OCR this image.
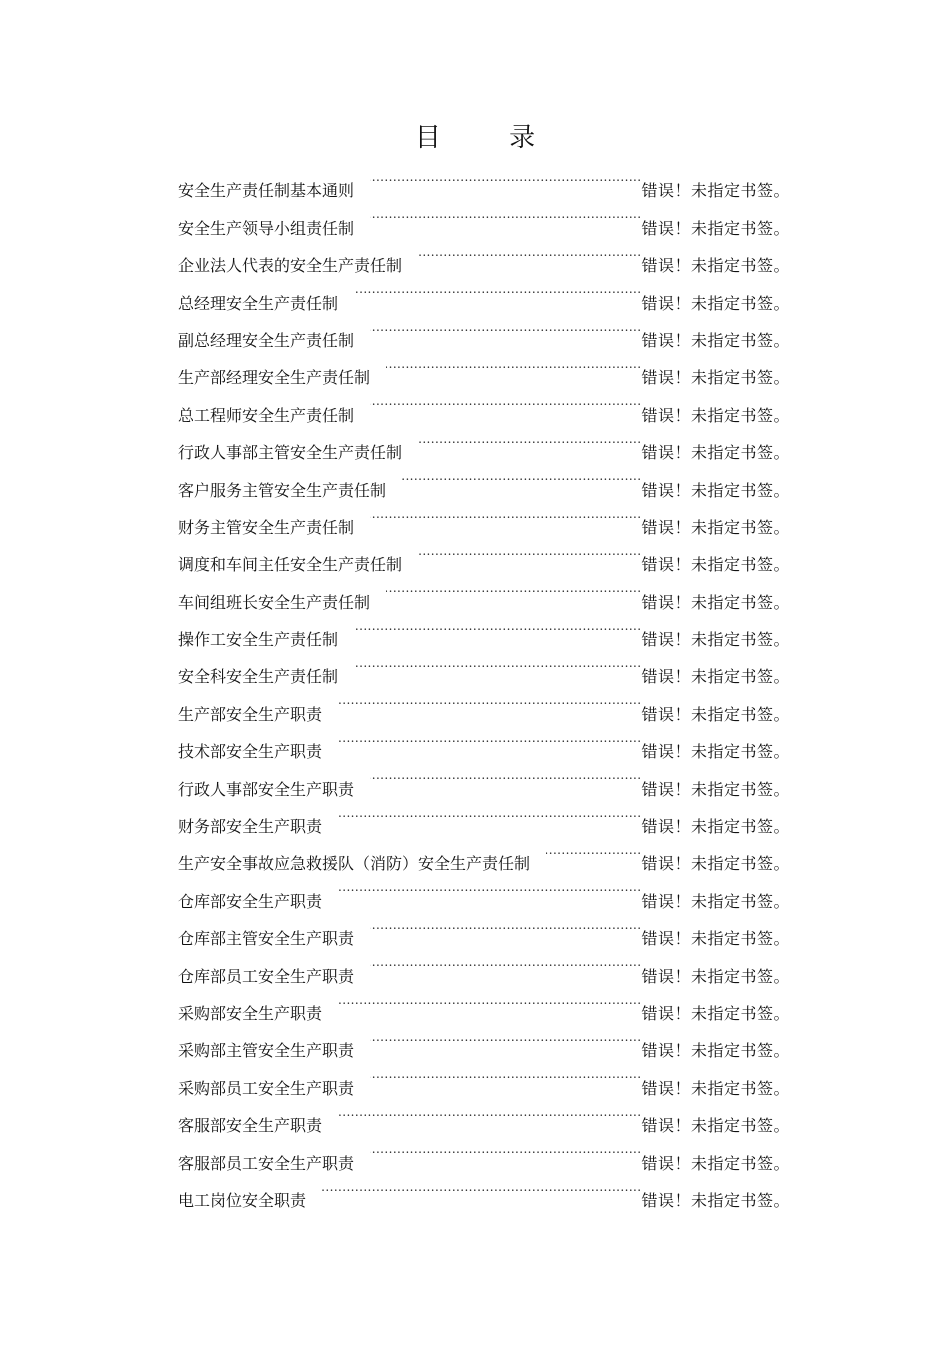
目 录
安全生产责任制基本通则 .....	错误！未指定书签。
安全生产领导小组责任制 .....	错误！未指定书签。
企业法人代表的安全生产责任制 .....	错误！未指定书签。
总经理安全生产责任制 .....	错误！未指定书签。
副总经理安全生产责任制 .....	错误！未指定书签。
生产部经理安全生产责任制 .....	错误！未指定书签。
总工程师安全生产责任制 .....	错误！未指定书签。
行政人事部主管安全生产责任制 .....	错误！未指定书签。
客户服务主管安全生产责任制 .....	错误！未指定书签。
财务主管安全生产责任制 .....	错误！未指定书签。
调度和车间主任安全生产责任制 .....	错误！未指定书签。
车间组班长安全生产责任制 .....	错误！未指定书签。
操作工安全生产责任制 .....	错误！未指定书签。
安全科安全生产责任制 .....	错误！未指定书签。
生产部安全生产职责 .....	错误！未指定书签。
技术部安全生产职责 .....	错误！未指定书签。
行政人事部安全生产职责 .....	错误！未指定书签。
财务部安全生产职责 .....	错误！未指定书签。
生产安全事故应急救援队（消防）安全生产责任制 .....	错误！未指定书签。
仓库部安全生产职责 .....	错误！未指定书签。
仓库部主管安全生产职责 .....	错误！未指定书签。
仓库部员工安全生产职责 .....	错误！未指定书签。
采购部安全生产职责 .....	错误！未指定书签。
采购部主管安全生产职责 .....	错误！未指定书签。
采购部员工安全生产职责 .....	错误！未指定书签。
客服部安全生产职责 .....	错误！未指定书签。
客服部员工安全生产职责 .....	错误！未指定书签。
电工岗位安全职责 .....	错误！未指定书签。
